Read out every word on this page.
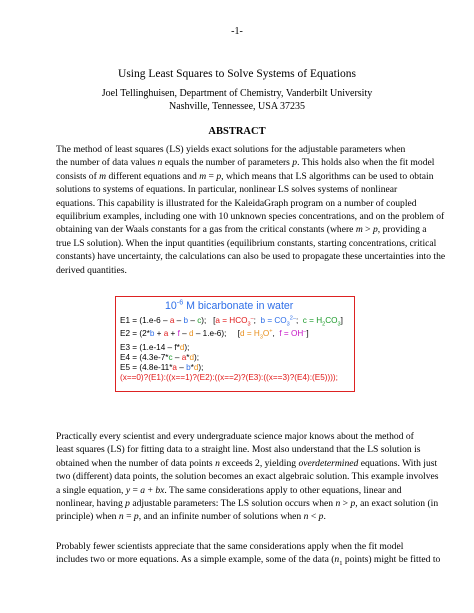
-1-
Using Least Squares to Solve Systems of Equations
Joel Tellinghuisen, Department of Chemistry, Vanderbilt University
Nashville, Tennessee, USA 37235
ABSTRACT

The method of least squares (LS) yields exact solutions for the adjustable parameters when
the number of data values n equals the number of parameters p. This holds also when the fit model
consists of m different equations and m = p, which means that LS algorithms can be used to obtain
solutions to systems of equations. In particular, nonlinear LS solves systems of nonlinear
equations. This capability is illustrated for the KaleidaGraph program on a number of coupled
equilibrium examples, including one with 10 unknown species concentrations, and on the problem of
obtaining van der Waals constants for a gas from the critical constants (where m > p, providing a
true LS solution). When the input quantities (equilibrium constants, starting concentrations, critical
constants) have uncertainty, the calculations can also be used to propagate these uncertainties into the
derived quantities.

$10^{-6}$ M bicarbonate in water
E1 = (1.e-6 – a – b – c);   [$a = HCO_3^-$;  $b = CO_3^{2-}$;  $c = H_2CO_3$]
E2 = (2*b + a + f – d – 1.e-6);     [$d = H_3O^+$,  f = OH–]
E3 = (1.e-14 – f*d);
E4 = (4.3e-7*c – a*d);
E5 = (4.8e-11*a – b*d);
(x==0)?(E1):((x==1)?(E2):((x==2)?(E3):((x==3)?(E4):(E5))));

Practically every scientist and every undergraduate science major knows about the method of
least squares (LS) for fitting data to a straight line. Most also understand that the LS solution is
obtained when the number of data points n exceeds 2, yielding overdetermined equations. With just
two (different) data points, the solution becomes an exact algebraic solution. This example involves
a single equation, y = a + bx. The same considerations apply to other equations, linear and
nonlinear, having p adjustable parameters: The LS solution occurs when n > p, an exact solution (in
principle) when n = p, and an infinite number of solutions when n < p.

Probably fewer scientists appreciate that the same considerations apply when the fit model
includes two or more equations. As a simple example, some of the data ($n_1$ points) might be fitted to
